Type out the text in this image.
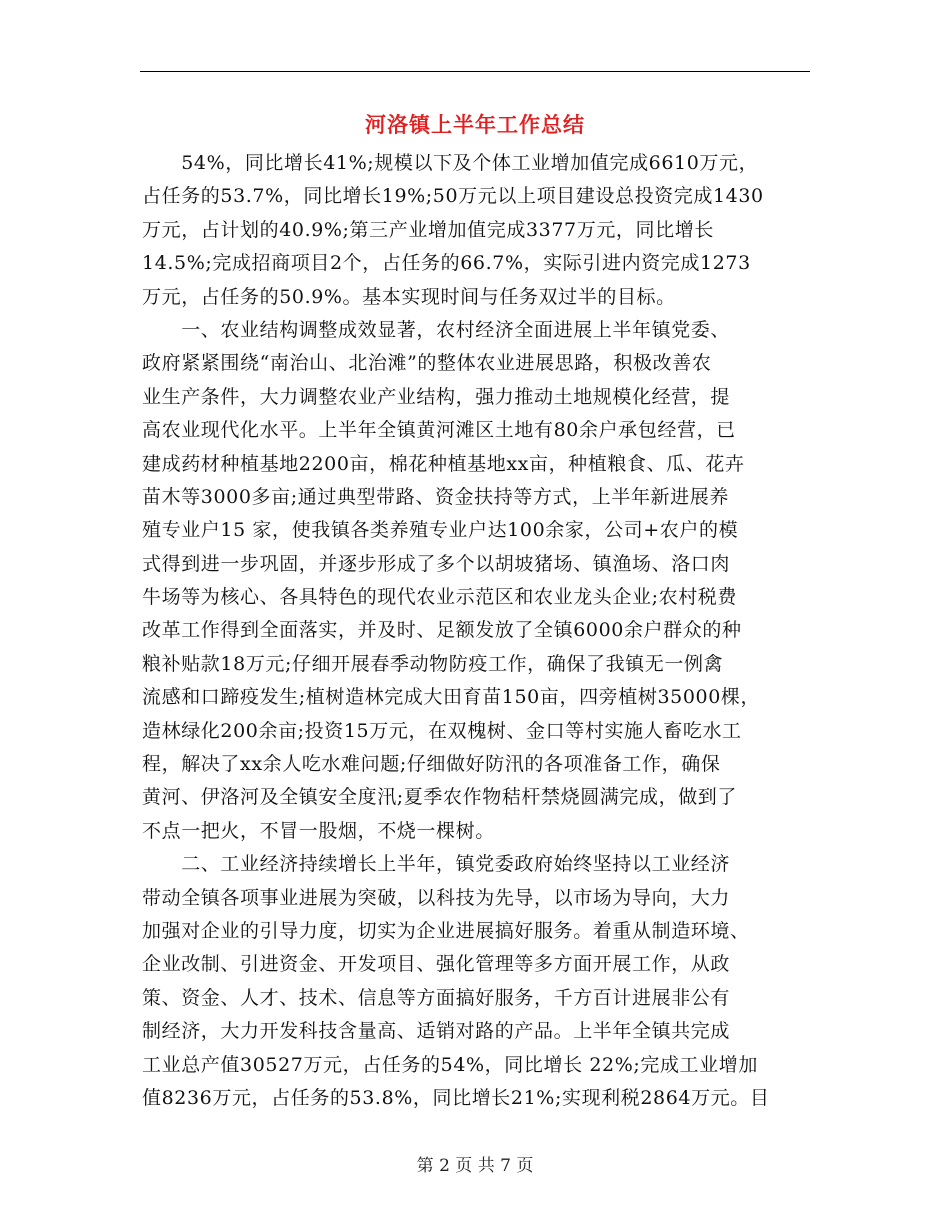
河洛镇上半年工作总结
　　54%，同比增长41%;规模以下及个体工业增加值完成6610万元，
占任务的53.7%，同比增长19%;50万元以上项目建设总投资完成1430
万元，占计划的40.9%;第三产业增加值完成3377万元，同比增长
14.5%;完成招商项目2个，占任务的66.7%，实际引进内资完成1273
万元，占任务的50.9%。基本实现时间与任务双过半的目标。
　　一、农业结构调整成效显著，农村经济全面进展上半年镇党委、
政府紧紧围绕“南治山、北治滩”的整体农业进展思路，积极改善农
业生产条件，大力调整农业产业结构，强力推动土地规模化经营，提
高农业现代化水平。上半年全镇黄河滩区土地有80余户承包经营，已
建成药材种植基地2200亩，棉花种植基地xx亩，种植粮食、瓜、花卉
苗木等3000多亩;通过典型带路、资金扶持等方式，上半年新进展养
殖专业户15 家，使我镇各类养殖专业户达100余家，公司+农户的模
式得到进一步巩固，并逐步形成了多个以胡坡猪场、镇渔场、洛口肉
牛场等为核心、各具特色的现代农业示范区和农业龙头企业;农村税费
改革工作得到全面落实，并及时、足额发放了全镇6000余户群众的种
粮补贴款18万元;仔细开展春季动物防疫工作，确保了我镇无一例禽
流感和口蹄疫发生;植树造林完成大田育苗150亩，四旁植树35000棵，
造林绿化200余亩;投资15万元，在双槐树、金口等村实施人畜吃水工
程，解决了xx余人吃水难问题;仔细做好防汛的各项准备工作，确保
黄河、伊洛河及全镇安全度汛;夏季农作物秸杆禁烧圆满完成，做到了
不点一把火，不冒一股烟，不烧一棵树。
　　二、工业经济持续增长上半年，镇党委政府始终坚持以工业经济
带动全镇各项事业进展为突破，以科技为先导，以市场为导向，大力
加强对企业的引导力度，切实为企业进展搞好服务。着重从制造环境、
企业改制、引进资金、开发项目、强化管理等多方面开展工作，从政
策、资金、人才、技术、信息等方面搞好服务，千方百计进展非公有
制经济，大力开发科技含量高、适销对路的产品。上半年全镇共完成
工业总产值30527万元，占任务的54%，同比增长 22%;完成工业增加
值8236万元，占任务的53.8%，同比增长21%;实现利税2864万元。目
第 2 页 共 7 页
